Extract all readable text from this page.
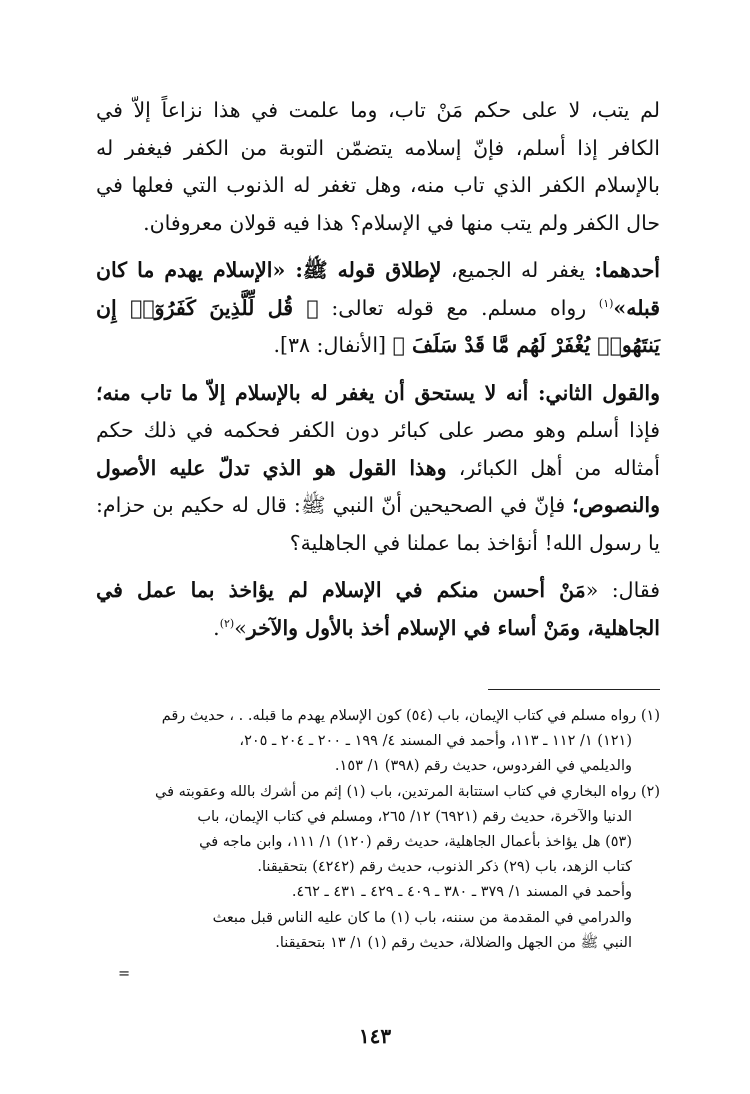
لم يتب، لا على حكم مَنْ تاب، وما علمت في هذا نزاعاً إلاّ في الكافر إذا أسلم، فإنّ إسلامه يتضمّن التوبة من الكفر فيغفر له بالإسلام الكفر الذي تاب منه، وهل تغفر له الذنوب التي فعلها في حال الكفر ولم يتب منها في الإسلام؟ هذا فيه قولان معروفان.

أحدهما: يغفر له الجميع، لإطلاق قوله ﷺ: «الإسلام يهدم ما كان قبله»$^{(١)}$ رواه مسلم. مع قوله تعالى: ﴿ قُل لِّلَّذِينَ كَفَرُوٓا۟ إِن يَنتَهُوا۟ يُغْفَرْ لَهُم مَّا قَدْ سَلَفَ ﴾ [الأنفال: ٣٨].

والقول الثاني: أنه لا يستحق أن يغفر له بالإسلام إلاّ ما تاب منه؛ فإذا أسلم وهو مصر على كبائر دون الكفر فحكمه في ذلك حكم أمثاله من أهل الكبائر، وهذا القول هو الذي تدلّ عليه الأصول والنصوص؛ فإنّ في الصحيحين أنّ النبي ﷺ: قال له حكيم بن حزام: يا رسول الله! أنؤاخذ بما عملنا في الجاهلية؟

فقال: «مَنْ أحسن منكم في الإسلام لم يؤاخذ بما عمل في الجاهلية، ومَنْ أساء في الإسلام أخذ بالأول والآخر»$^{(٢)}$.

(١) رواه مسلم في كتاب الإيمان، باب (٥٤) كون الإسلام يهدم ما قبله. . ، حديث رقم
(١٢١) ١/ ١١٢ ـ ١١٣، وأحمد في المسند ٤/ ١٩٩ ـ ٢٠٠ ـ ٢٠٤ ـ ٢٠٥،
والديلمي في الفردوس، حديث رقم (٣٩٨) ١/ ١٥٣.
(٢) رواه البخاري في كتاب استتابة المرتدين، باب (١) إثم من أشرك بالله وعقوبته في
الدنيا والآخرة، حديث رقم (٦٩٢١) ١٢/ ٢٦٥، ومسلم في كتاب الإيمان، باب
(٥٣) هل يؤاخذ بأعمال الجاهلية، حديث رقم (١٢٠) ١/ ١١١، وابن ماجه في
كتاب الزهد، باب (٢٩) ذكر الذنوب، حديث رقم (٤٢٤٢) بتحقيقنا.
وأحمد في المسند ١/ ٣٧٩ ـ ٣٨٠ ـ ٤٠٩ ـ ٤٢٩ ـ ٤٣١ ـ ٤٦٢.
والدرامي في المقدمة من سننه، باب (١) ما كان عليه الناس قبل مبعث
النبي ﷺ من الجهل والضلالة، حديث رقم (١) ١/ ١٣ بتحقيقنا.
=
١٤٣
